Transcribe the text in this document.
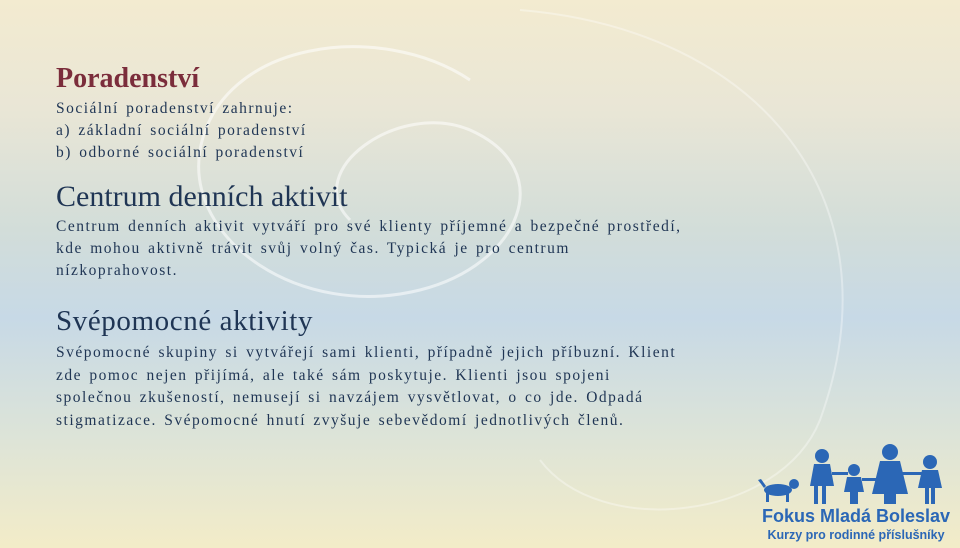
Poradenství
Sociální poradenství zahrnuje:
a) základní sociální poradenství
b) odborné sociální poradenství
Centrum denních aktivit
Centrum denních aktivit vytváří pro své klienty příjemné a bezpečné prostředí,
kde mohou aktivně trávit svůj volný čas. Typická je pro centrum
nízkoprahovost.
Svépomocné aktivity
Svépomocné skupiny si vytvářejí sami klienti, případně jejich příbuzní. Klient
zde pomoc nejen přijímá, ale také sám poskytuje. Klienti jsou spojeni
společnou zkušeností, nemusejí si navzájem vysvětlovat, o co jde. Odpadá
stigmatizace. Svépomocné hnutí zvyšuje sebevědomí jednotlivých členů.
Fokus Mladá Boleslav
Kurzy pro rodinné příslušníky
